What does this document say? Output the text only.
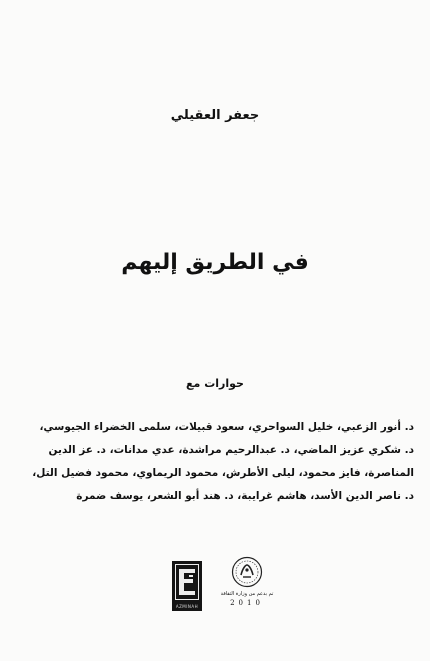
جعفر العقيلي
في الطريق إليهم
حوارات مع
د. أنور الزعبي، خليل السواحري، سعود قبيلات، سلمى الخضراء الجيوسي،
د. شكري عزيز الماضي، د. عبدالرحيم مراشدة، عدي مدانات، د. عز الدين
المناصرة، فايز محمود، ليلى الأطرش، محمود الريماوي، محمود فضيل التل،
د. ناصر الدين الأسد، هاشم غرايبة، د. هند أبو الشعر، يوسف ضمرة
AZMINAH
تم بدعم من وزارة الثقافة
2010
